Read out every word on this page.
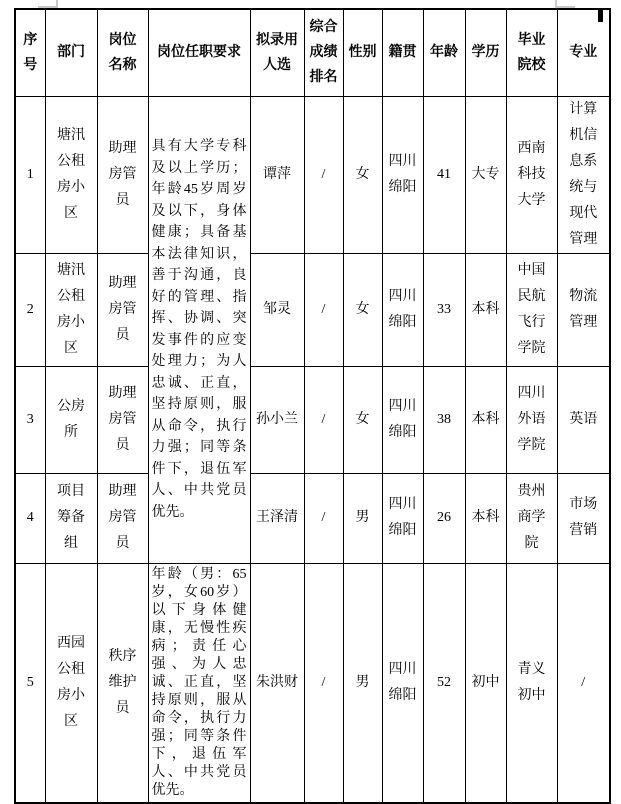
序号	部门	岗位名称	岗位任职要求	拟录用人选	综合成绩排名	性别	籍贯	年龄	学历	毕业院校	专业
1	塘汛公租房小区	助理房管员	具有大学专科及以上学历；年龄45岁周岁及以下，身体健康；具备基本法律知识，善于沟通，良好的管理、指挥、协调、突发事件的应变处理力；为人忠诚、正直，坚持原则，服从命令，执行力强；同等条件下，退伍军人、中共党员优先。	谭萍	/	女	四川绵阳	41	大专	西南科技大学	计算机信息系统与现代管理
2	塘汛公租房小区	助理房管员		邹灵	/	女	四川绵阳	33	本科	中国民航飞行学院	物流管理
3	公房所	助理房管员		孙小兰	/	女	四川绵阳	38	本科	四川外语学院	英语
4	项目筹备组	助理房管员		王泽清	/	男	四川绵阳	26	本科	贵州商学院	市场营销
5	西园公租房小区	秩序维护员	年龄（男：65岁，女60岁）以下身体健康，无慢性疾病；责任心强、为人忠诚、正直，坚持原则，服从命令，执行力强；同等条件下，退伍军人、中共党员优先。	朱洪财	/	男	四川绵阳	52	初中	青义初中	/
